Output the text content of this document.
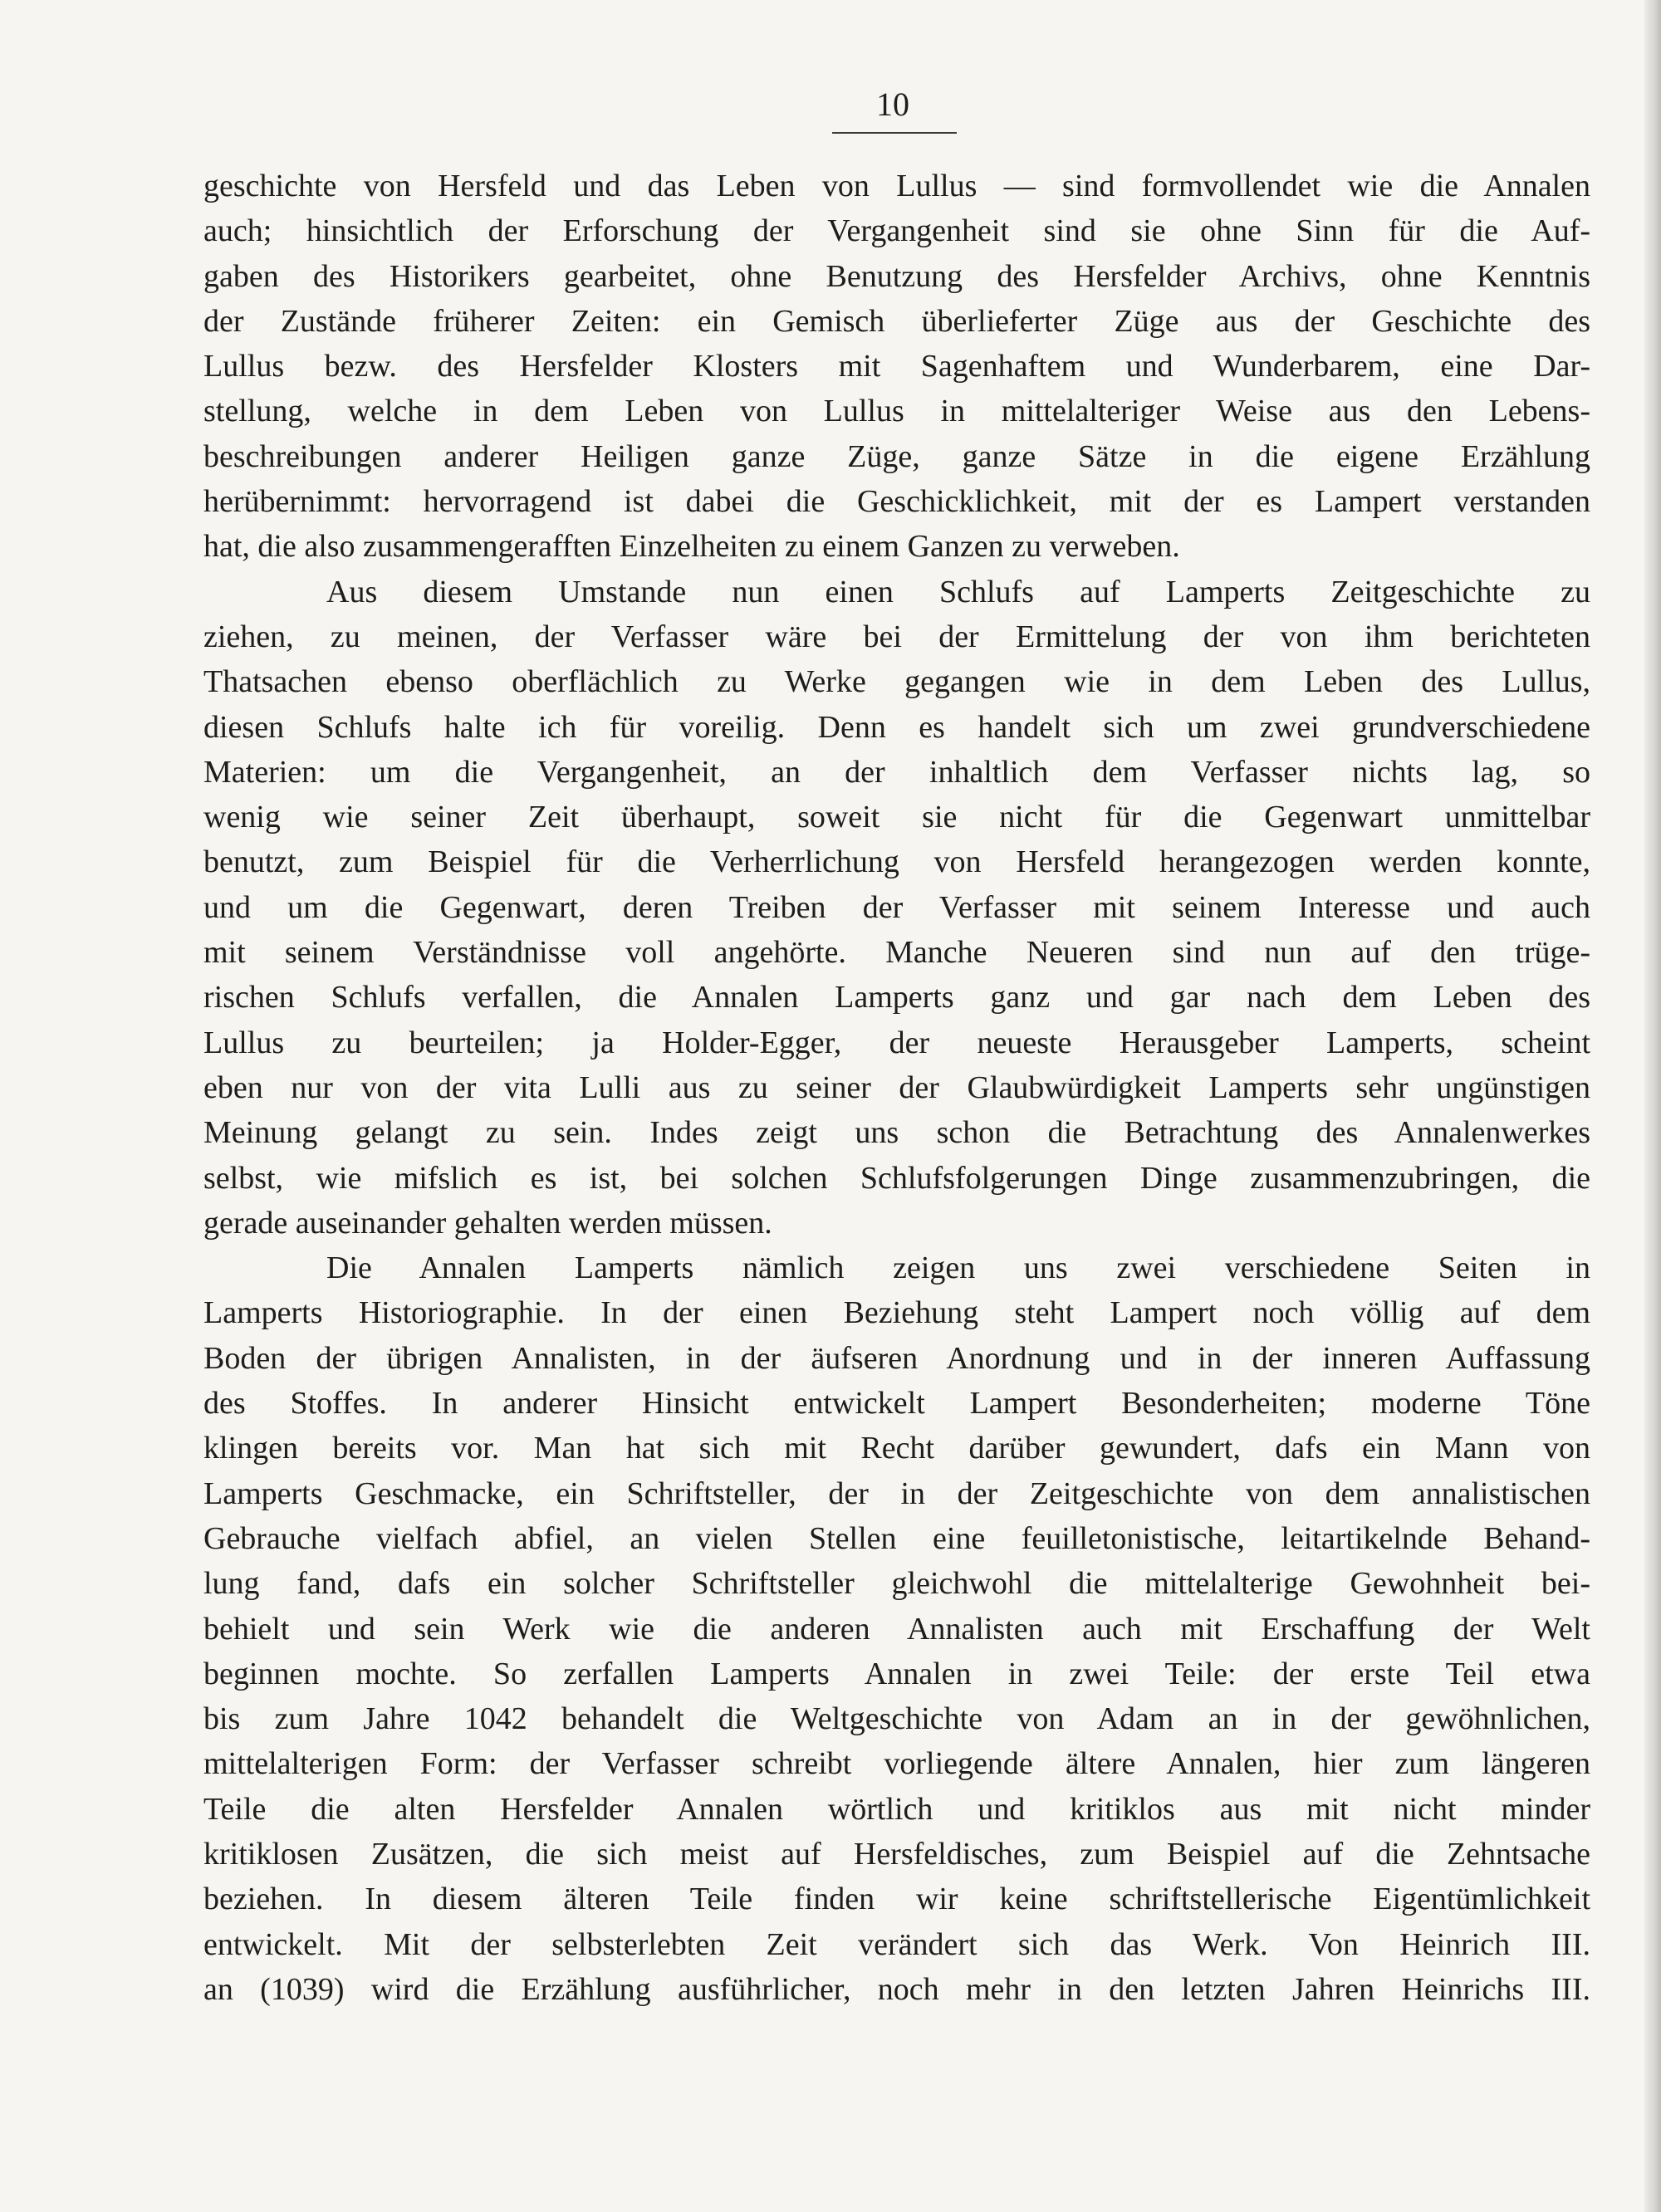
10
geschichte von Hersfeld und das Leben von Lullus — sind formvollendet wie die Annalen
auch; hinsichtlich der Erforschung der Vergangenheit sind sie ohne Sinn für die Auf-
gaben des Historikers gearbeitet, ohne Benutzung des Hersfelder Archivs, ohne Kenntnis
der Zustände früherer Zeiten: ein Gemisch überlieferter Züge aus der Geschichte des
Lullus bezw. des Hersfelder Klosters mit Sagenhaftem und Wunderbarem, eine Dar-
stellung, welche in dem Leben von Lullus in mittelalteriger Weise aus den Lebens-
beschreibungen anderer Heiligen ganze Züge, ganze Sätze in die eigene Erzählung
herübernimmt: hervorragend ist dabei die Geschicklichkeit, mit der es Lampert verstanden
hat, die also zusammengerafften Einzelheiten zu einem Ganzen zu verweben.
Aus diesem Umstande nun einen Schlufs auf Lamperts Zeitgeschichte zu
ziehen, zu meinen, der Verfasser wäre bei der Ermittelung der von ihm berichteten
Thatsachen ebenso oberflächlich zu Werke gegangen wie in dem Leben des Lullus,
diesen Schlufs halte ich für voreilig. Denn es handelt sich um zwei grundverschiedene
Materien: um die Vergangenheit, an der inhaltlich dem Verfasser nichts lag, so
wenig wie seiner Zeit überhaupt, soweit sie nicht für die Gegenwart unmittelbar
benutzt, zum Beispiel für die Verherrlichung von Hersfeld herangezogen werden konnte,
und um die Gegenwart, deren Treiben der Verfasser mit seinem Interesse und auch
mit seinem Verständnisse voll angehörte. Manche Neueren sind nun auf den trüge-
rischen Schlufs verfallen, die Annalen Lamperts ganz und gar nach dem Leben des
Lullus zu beurteilen; ja Holder-Egger, der neueste Herausgeber Lamperts, scheint
eben nur von der vita Lulli aus zu seiner der Glaubwürdigkeit Lamperts sehr ungünstigen
Meinung gelangt zu sein. Indes zeigt uns schon die Betrachtung des Annalenwerkes
selbst, wie mifslich es ist, bei solchen Schlufsfolgerungen Dinge zusammenzubringen, die
gerade auseinander gehalten werden müssen.
Die Annalen Lamperts nämlich zeigen uns zwei verschiedene Seiten in
Lamperts Historiographie. In der einen Beziehung steht Lampert noch völlig auf dem
Boden der übrigen Annalisten, in der äufseren Anordnung und in der inneren Auffassung
des Stoffes. In anderer Hinsicht entwickelt Lampert Besonderheiten; moderne Töne
klingen bereits vor. Man hat sich mit Recht darüber gewundert, dafs ein Mann von
Lamperts Geschmacke, ein Schriftsteller, der in der Zeitgeschichte von dem annalistischen
Gebrauche vielfach abfiel, an vielen Stellen eine feuilletonistische, leitartikelnde Behand-
lung fand, dafs ein solcher Schriftsteller gleichwohl die mittelalterige Gewohnheit bei-
behielt und sein Werk wie die anderen Annalisten auch mit Erschaffung der Welt
beginnen mochte. So zerfallen Lamperts Annalen in zwei Teile: der erste Teil etwa
bis zum Jahre 1042 behandelt die Weltgeschichte von Adam an in der gewöhnlichen,
mittelalterigen Form: der Verfasser schreibt vorliegende ältere Annalen, hier zum längeren
Teile die alten Hersfelder Annalen wörtlich und kritiklos aus mit nicht minder
kritiklosen Zusätzen, die sich meist auf Hersfeldisches, zum Beispiel auf die Zehntsache
beziehen. In diesem älteren Teile finden wir keine schriftstellerische Eigentümlichkeit
entwickelt. Mit der selbsterlebten Zeit verändert sich das Werk. Von Heinrich III.
an (1039) wird die Erzählung ausführlicher, noch mehr in den letzten Jahren Heinrichs III.
